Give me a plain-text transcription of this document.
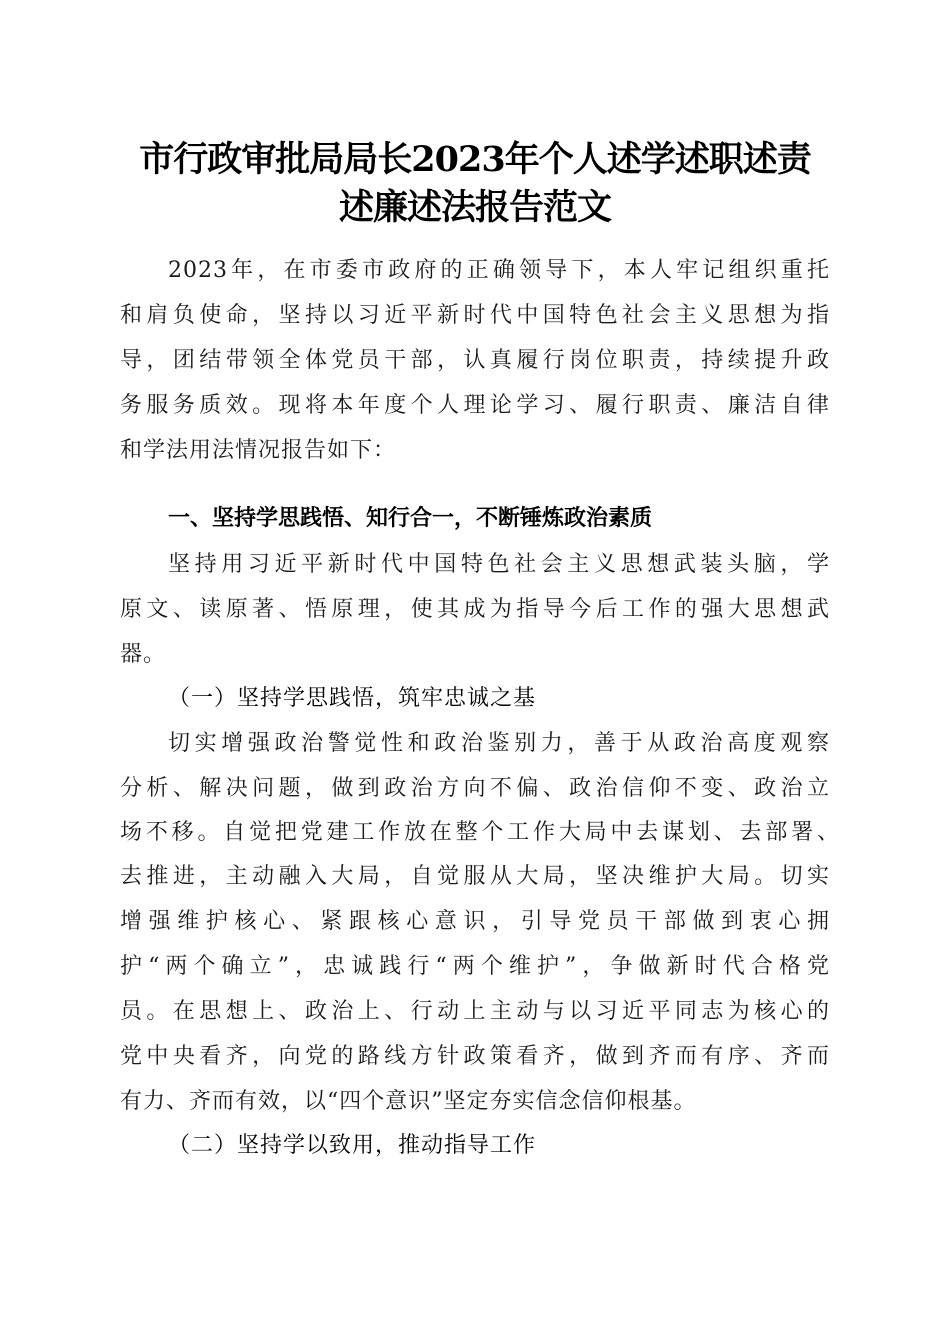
市行政审批局局长2023年个人述学述职述责
述廉述法报告范文
2023年，在市委市政府的正确领导下，本人牢记组织重托
和肩负使命，坚持以习近平新时代中国特色社会主义思想为指
导，团结带领全体党员干部，认真履行岗位职责，持续提升政
务服务质效。现将本年度个人理论学习、履行职责、廉洁自律
和学法用法情况报告如下：
一、坚持学思践悟、知行合一，不断锤炼政治素质
坚持用习近平新时代中国特色社会主义思想武装头脑，学
原文、读原著、悟原理，使其成为指导今后工作的强大思想武
器。
（一）坚持学思践悟，筑牢忠诚之基
切实增强政治警觉性和政治鉴别力，善于从政治高度观察
分析、解决问题，做到政治方向不偏、政治信仰不变、政治立
场不移。自觉把党建工作放在整个工作大局中去谋划、去部署、
去推进，主动融入大局，自觉服从大局，坚决维护大局。切实
增强维护核心、紧跟核心意识，引导党员干部做到衷心拥
护“两个确立”，忠诚践行“两个维护”，争做新时代合格党
员。在思想上、政治上、行动上主动与以习近平同志为核心的
党中央看齐，向党的路线方针政策看齐，做到齐而有序、齐而
有力、齐而有效，以“四个意识”坚定夯实信念信仰根基。
（二）坚持学以致用，推动指导工作
